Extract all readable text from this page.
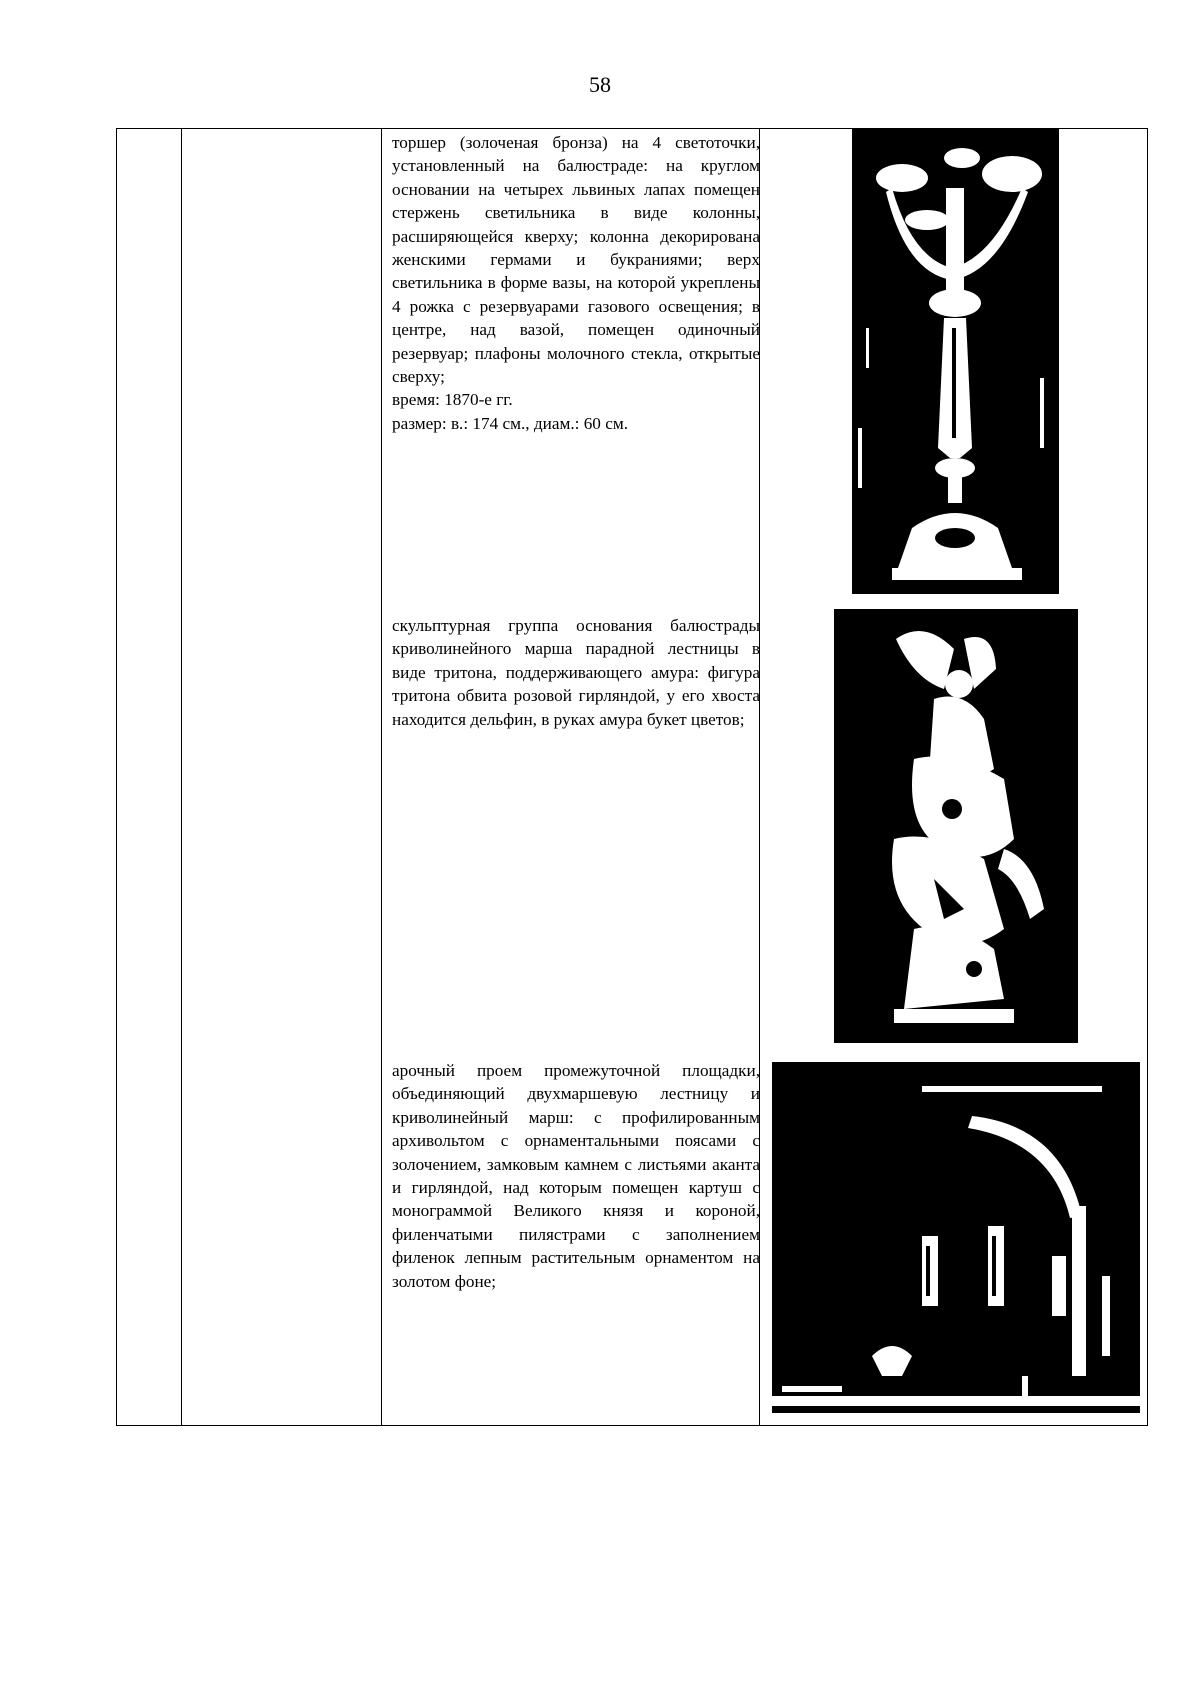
58

торшер (золоченая бронза) на 4 светоточки, установленный на балюстраде: на круглом основании на четырех львиных лапах помещен стержень светильника в виде колонны, расширяющейся кверху; колонна декорирована женскими гермами и букраниями; верх светильника в форме вазы, на которой укреплены 4 рожка с резервуарами газового освещения; в центре, над вазой, помещен одиночный резервуар; плафоны молочного стекла, открытые сверху;

время: 1870-е гг.

размер: в.: 174 см., диам.: 60 см.

скульптурная группа основания балюстрады криволинейного марша парадной лестницы в виде тритона, поддерживающего амура: фигура тритона обвита розовой гирляндой, у его хвоста находится дельфин, в руках амура букет цветов;

арочный проем промежуточной площадки, объединяющий двухмаршевую лестницу и криволинейный марш: с профилированным архивольтом с орнаментальными поясами с золочением, замковым камнем с листьями аканта и гирляндой, над которым помещен картуш с монограммой Великого князя и короной, филенчатыми пилястрами с заполнением филенок лепным растительным орнаментом на золотом фоне;
